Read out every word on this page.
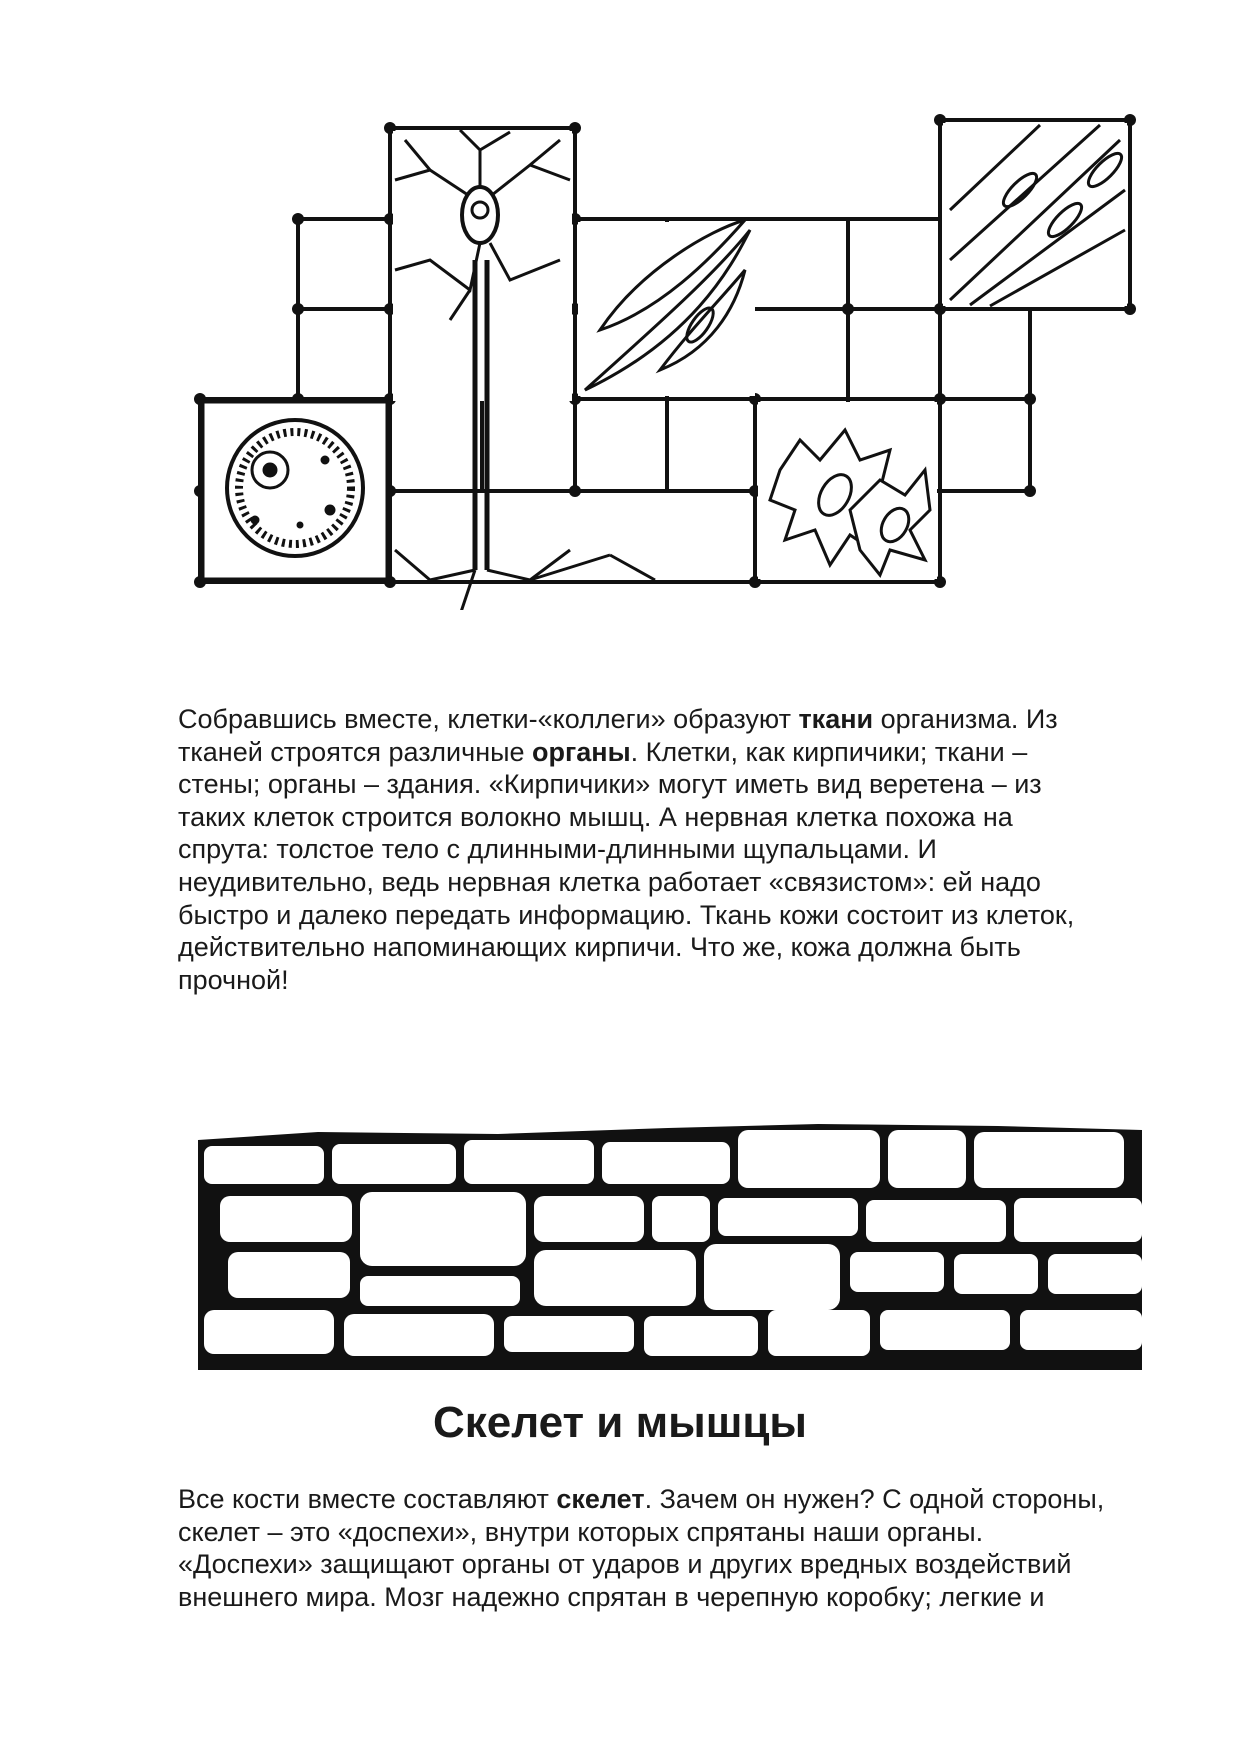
Собравшись вместе, клетки-«коллеги» образуют ткани организма. Из
тканей строятся различные органы. Клетки, как кирпичики; ткани –
стены; органы – здания. «Кирпичики» могут иметь вид веретена – из
таких клеток строится волокно мышц. А нервная клетка похожа на
спрута: толстое тело с длинными-длинными щупальцами. И
неудивительно, ведь нервная клетка работает «связистом»: ей надо
быстро и далеко передать информацию. Ткань кожи состоит из клеток,
действительно напоминающих кирпичи. Что же, кожа должна быть
прочной!
Скелет и мышцы
Все кости вместе составляют скелет. Зачем он нужен? С одной стороны,
скелет – это «доспехи», внутри которых спрятаны наши органы.
«Доспехи» защищают органы от ударов и других вредных воздействий
внешнего мира. Мозг надежно спрятан в черепную коробку; легкие и
